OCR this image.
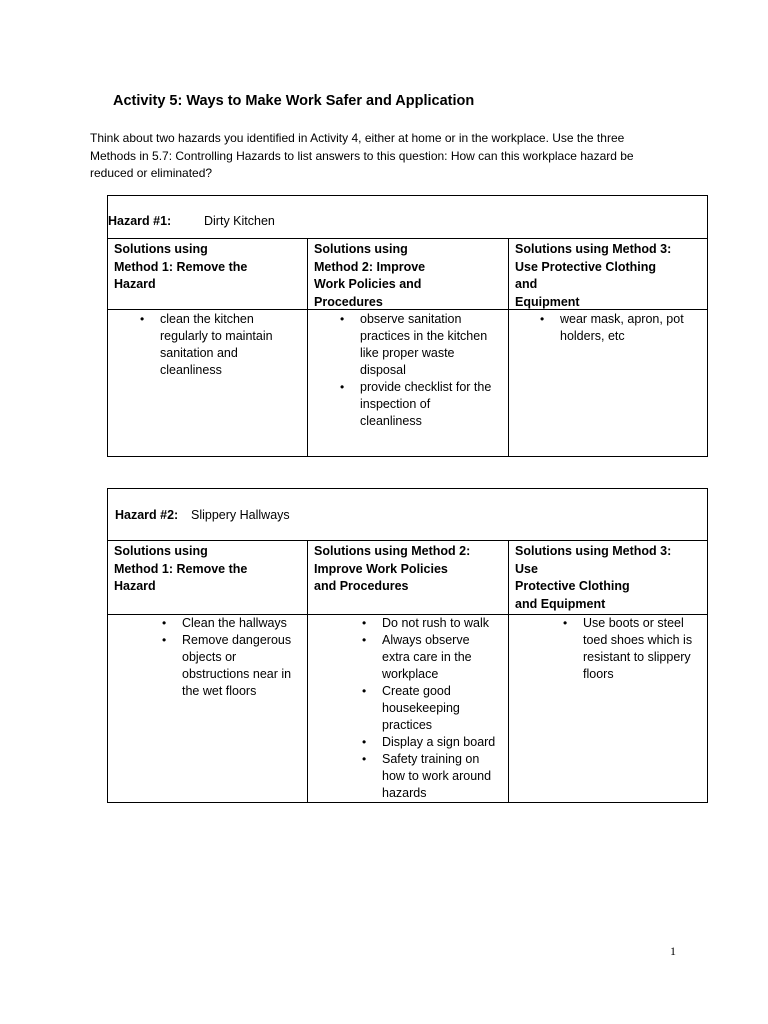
Activity 5: Ways to Make Work Safer and Application

Think about two hazards you identified in Activity 4, either at home or in the workplace. Use the three

Methods in 5.7: Controlling Hazards to list answers to this question: How can this workplace hazard be

reduced or eliminated?

Hazard #1:	Dirty Kitchen

Solutions using

Method 1: Remove the

Hazard

Solutions using

Method 2: Improve

Work Policies and

Procedures

Solutions using Method 3:

Use Protective Clothing

and

Equipment

• clean the kitchen
regularly to maintain
sanitation and
cleanliness
• observe sanitation
practices in the kitchen
like proper waste
disposal
• provide checklist for the
inspection of
cleanliness
• wear mask, apron, pot
holders, etc
Hazard #2: Slippery Hallways

Solutions using

Method 1: Remove the

Hazard

Solutions using Method 2:

Improve Work Policies

and Procedures

Solutions using Method 3:

Use

Protective Clothing

and Equipment

• Clean the hallways
• Remove dangerous
objects or
obstructions near in
the wet floors
• Do not rush to walk
• Always observe
extra care in the
workplace
• Create good
housekeeping
practices
• Display a sign board
• Safety training on
how to work around
hazards
• Use boots or steel
toed shoes which is
resistant to slippery
floors
1
